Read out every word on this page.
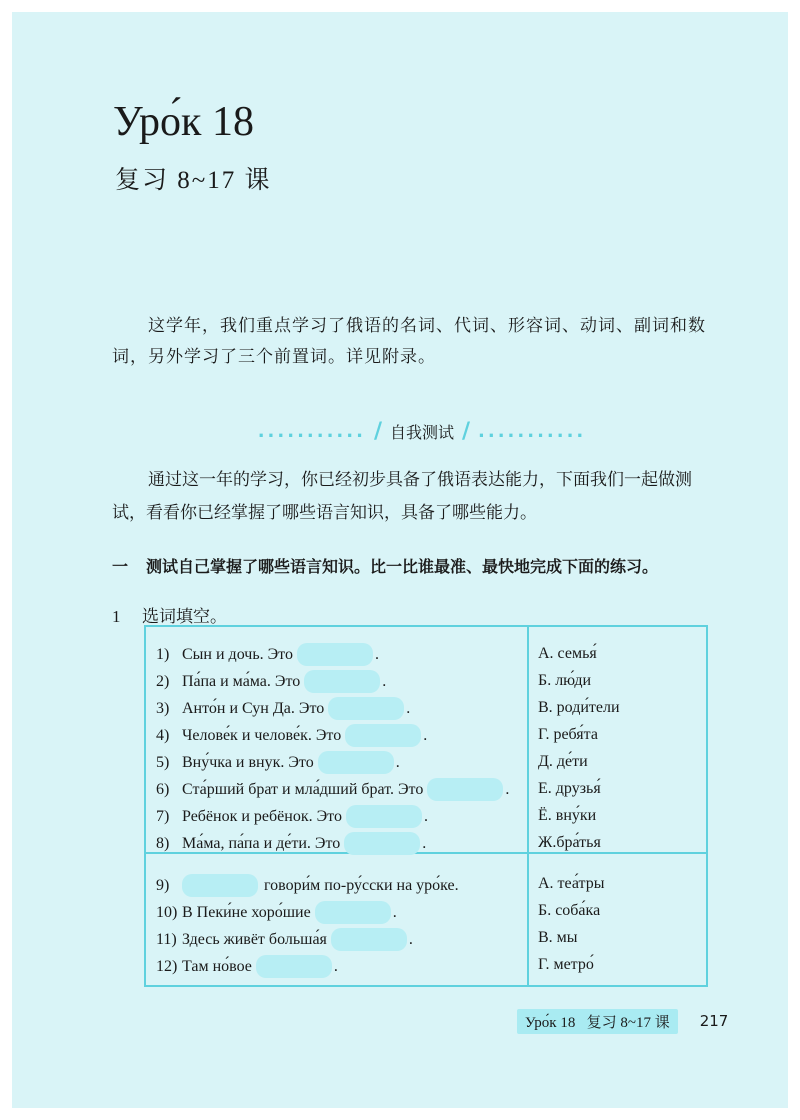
Уро́к 18
复习 8~17 课
这学年，我们重点学习了俄语的名词、代词、形容词、动词、副词和数词，另外学习了三个前置词。详见附录。
........... / 自我测试 / ...........
通过这一年的学习，你已经初步具备了俄语表达能力，下面我们一起做测试，看看你已经掌握了哪些语言知识，具备了哪些能力。
一 测试自己掌握了哪些语言知识。比一比谁最准、最快地完成下面的练习。
1 选词填空。
1) Сын и дочь. Это	.
2) Па́па и ма́ма. Это	.
3) Анто́н и Сун Да. Это	.
4) Челове́к и челове́к. Это	.
5) Вну́чка и внук. Это	.
6) Ста́рший брат и мла́дший брат. Это	.
7) Ребёнок и ребёнок. Это	.
8) Ма́ма, па́па и де́ти. Это	.
А. семья́
Б. лю́ди
В. роди́тели
Г. ребя́та
Д. де́ти
Е. друзья́
Ё. вну́ки
Ж.бра́тья
9)	говори́м по-ру́сски на уро́ке.
10) В Пеки́не хоро́шие	.
11) Здесь живёт больша́я	.
12) Там но́вое	.
А. теа́тры
Б. соба́ка
В. мы
Г. метро́
Уро́к 18   复习 8~17 课	217
